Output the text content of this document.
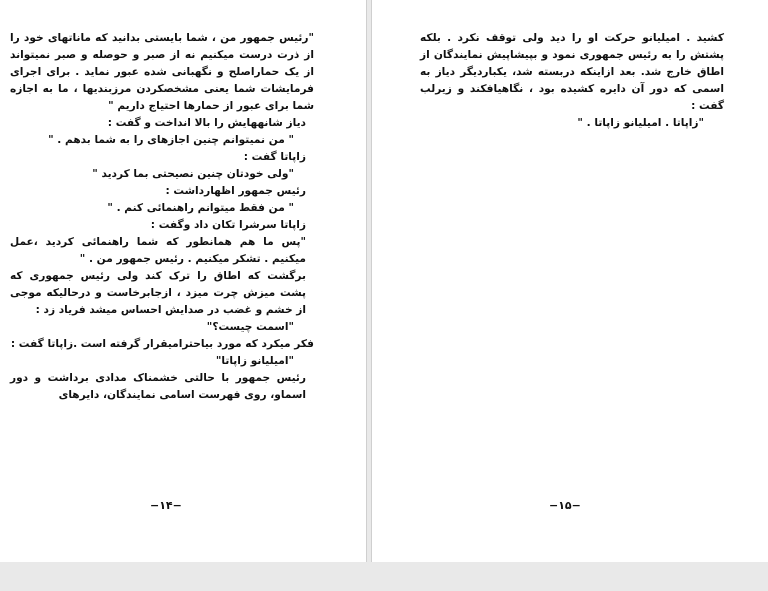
"رئیس جمهور من ، شما بایستی بدانید که ماناتهای خود را از ذرت درست میکنیم نه از صبر و حوصله و صبر نمیتواند از یک حماراصلح و نگهبانی شده عبور نماید . برای اجرای فرمایشات شما یعنی مشخصکردن مرزبندیها ، ما به اجازه شما برای عبور از حمارها احتیاج داریم "

دیاز شانههایش را بالا انداخت و گفت :

" من نمیتوانم چنین اجازهای را به شما بدهم . "

زاپاتا گفت :

"ولی خودتان چنین نصیحتی بما کردید "

رئیس جمهور اظهارداشت :

" من فقط میتوانم راهنمائی کنم . "

زاپاتا سرشرا تکان داد وگفت :

"پس ما هم همانطور که شما راهنمائی کردید ،عمل میکنیم . تشکر میکنیم . رئیس جمهور من . "

برگشت که اطاق را ترک کند ولی رئیس جمهوری که پشت میزش چرت میزد ، ازجابرخاست و درحالیکه موجی از خشم و غضب در صدایش احساس میشد فریاد زد :

"اسمت چیست؟"

فکر میکرد که مورد بیاحترامیقرار گرفته است .زاپاتا گفت :

"امیلیانو زاپاتا"

رئیس جمهور با حالتی خشمناک مدادی برداشت و دور اسماو، روی فهرست اسامی نمایندگان، دایرهای

−۱۴−

کشید . امیلیانو حرکت او را دید ولی توقف نکرد . بلکه پشتش را به رئیس جمهوری نمود و بپیشاپیش نمایندگان از اطاق خارج شد. بعد ازاینکه دربسته شد، یکباردیگر دیاز به اسمی که دور آن دایره کشیده بود ، نگاهیافکند و زیرلب گفت :

"زاپاتا . امیلیانو زاپاتا . "

−۱۵−
